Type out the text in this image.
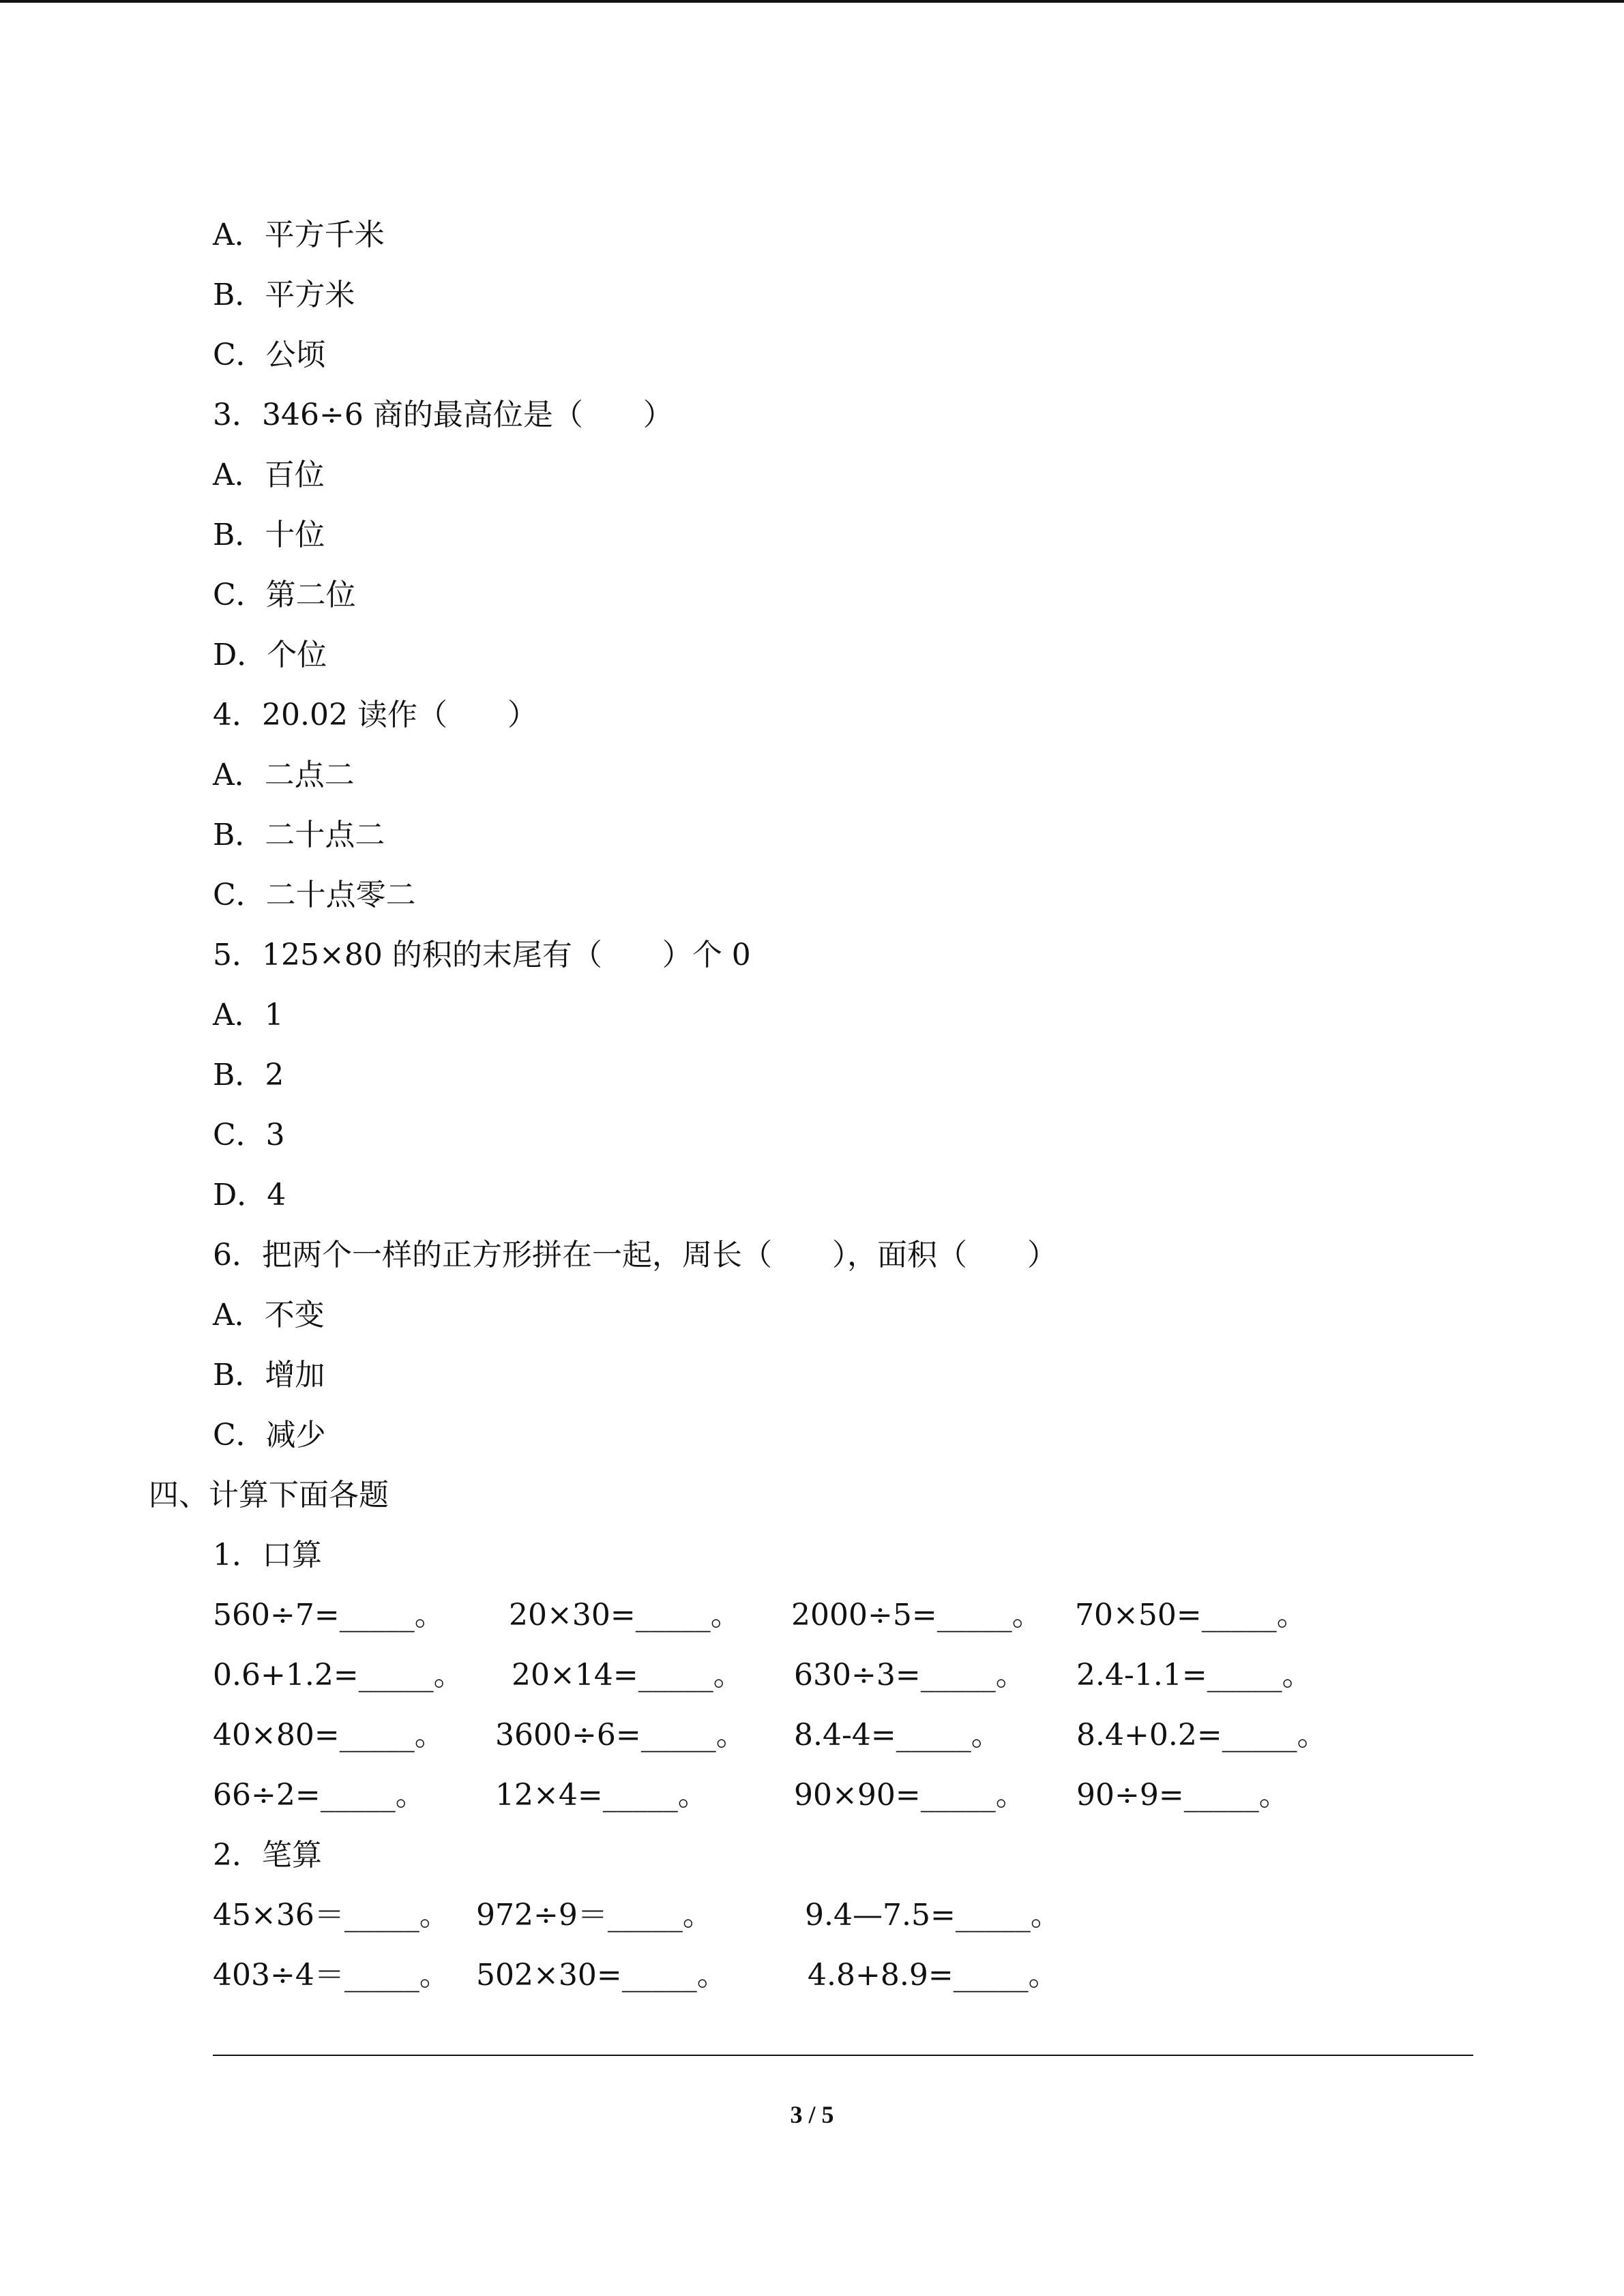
A．平方千米
B．平方米
C．公顷
3．346÷6 商的最高位是（　　）
A．百位
B．十位
C．第二位
D．个位
4．20.02 读作（　　）
A．二点二
B．二十点二
C．二十点零二
5．125×80 的积的末尾有（　　）个 0
A．1
B．2
C．3
D．4
6．把两个一样的正方形拼在一起，周长（　　），面积（　　）
A．不变
B．增加
C．减少
四、计算下面各题
1．口算
560÷7=_____。 20×30=_____。 2000÷5=_____。 70×50=_____。
0.6+1.2=_____。 20×14=_____。 630÷3=_____。 2.4-1.1=_____。
40×80=_____。 3600÷6=_____。 8.4-4=_____。	8.4+0.2=_____。
66÷2=_____。 12×4=_____。	90×90=_____。 90÷9=_____。
2．笔算
45×36＝_____。 972÷9＝_____。	9.4—7.5=_____。
403÷4＝_____。 502×30=_____。	4.8+8.9=_____。
3 / 5
